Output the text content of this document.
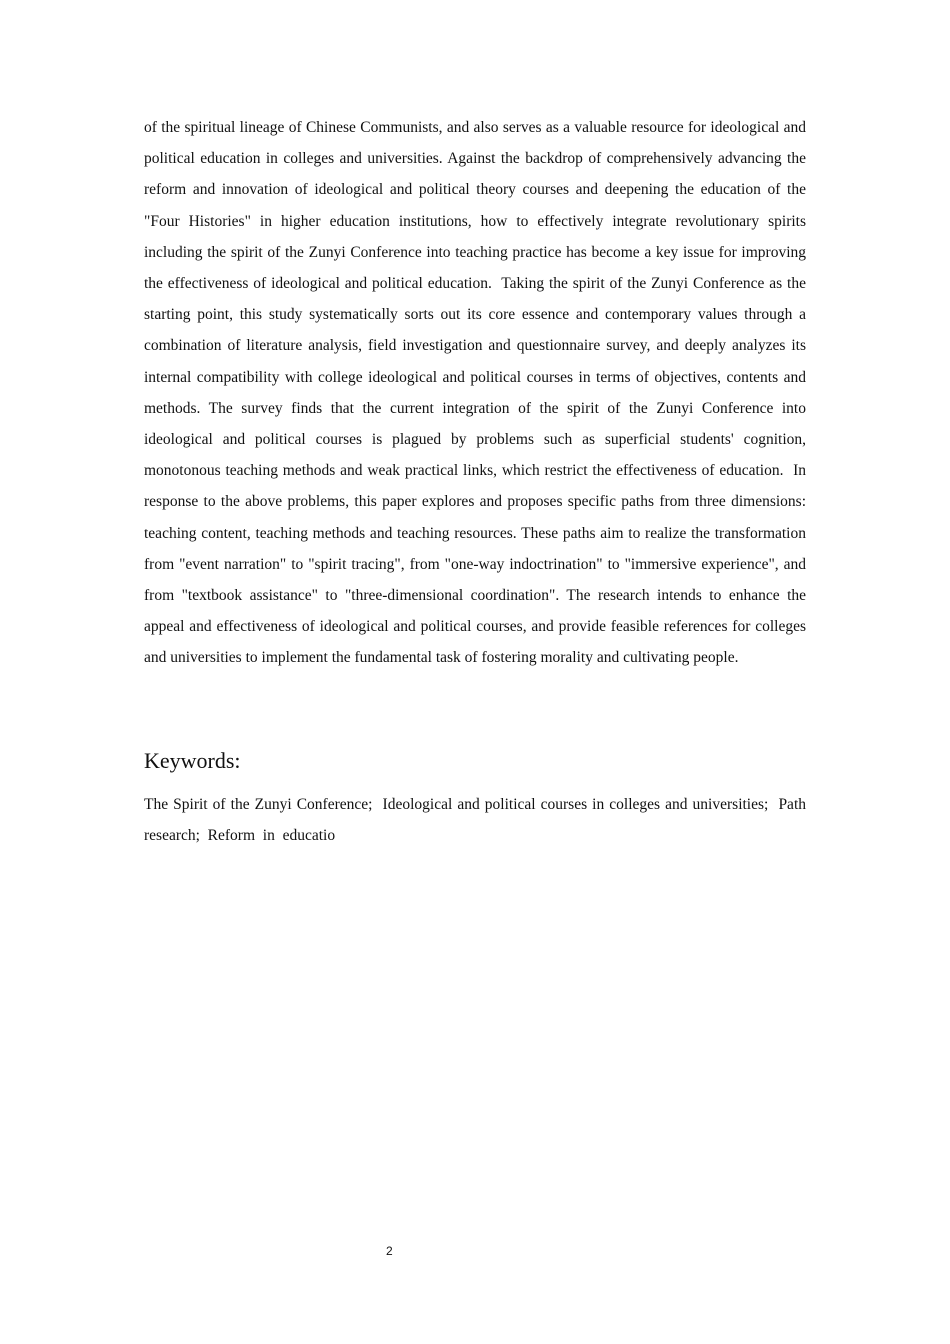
of the spiritual lineage of Chinese Communists, and also serves as a valuable resource for ideological and political education in colleges and universities. Against the backdrop of comprehensively advancing the reform and innovation of ideological and political theory courses and deepening the education of the "Four Histories" in higher education institutions, how to effectively integrate revolutionary spirits including the spirit of the Zunyi Conference into teaching practice has become a key issue for improving the effectiveness of ideological and political education.  Taking the spirit of the Zunyi Conference as the starting point, this study systematically sorts out its core essence and contemporary values through a combination of literature analysis, field investigation and questionnaire survey, and deeply analyzes its internal compatibility with college ideological and political courses in terms of objectives, contents and methods. The survey finds that the current integration of the spirit of the Zunyi Conference into ideological and political courses is plagued by problems such as superficial students' cognition, monotonous teaching methods and weak practical links, which restrict the effectiveness of education.  In response to the above problems, this paper explores and proposes specific paths from three dimensions: teaching content, teaching methods and teaching resources. These paths aim to realize the transformation from "event narration" to "spirit tracing", from "one-way indoctrination" to "immersive experience", and from "textbook assistance" to "three-dimensional coordination". The research intends to enhance the appeal and effectiveness of ideological and political courses, and provide feasible references for colleges and universities to implement the fundamental task of fostering morality and cultivating people.

Keywords:

The Spirit of the Zunyi Conference;  Ideological and political courses in colleges and universities;  Path research;  Reform  in  educatio

2
